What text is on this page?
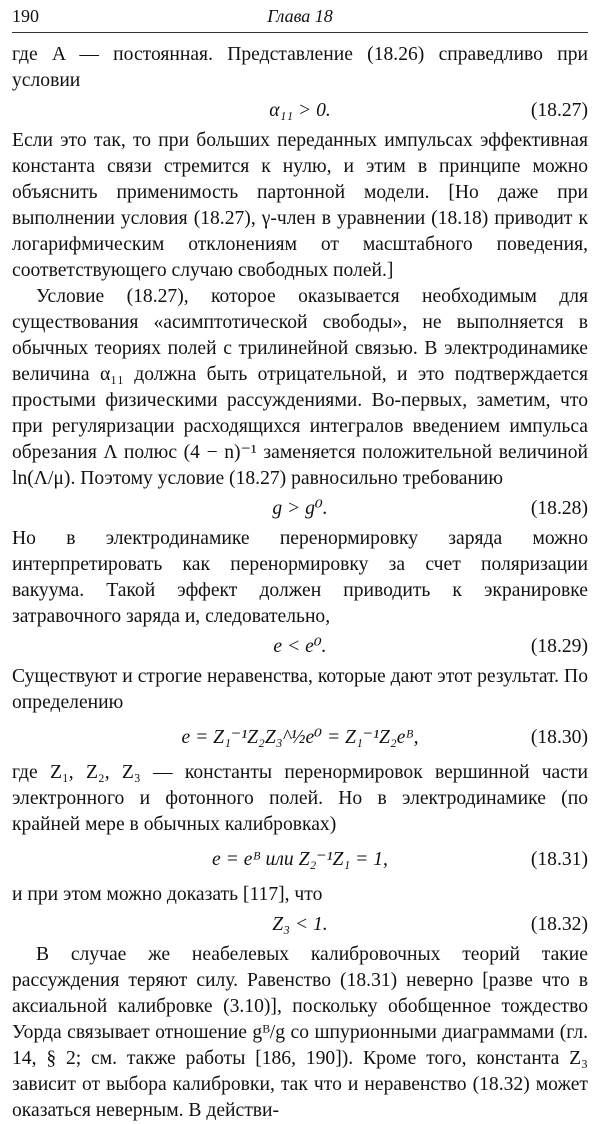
190	Глава 18

где A — постоянная. Представление (18.26) справедливо при условии

α₁₁ > 0.	(18.27)

Если это так, то при больших переданных импульсах эффективная константа связи стремится к нулю, и этим в принципе можно объяснить применимость партонной модели. [Но даже при выполнении условия (18.27), γ-член в уравнении (18.18) приводит к логарифмическим отклонениям от масштабного поведения, соответствующего случаю свободных полей.]

Условие (18.27), которое оказывается необходимым для существования «асимптотической свободы», не выполняется в обычных теориях полей с трилинейной связью. В электродинамике величина α₁₁ должна быть отрицательной, и это подтверждается простыми физическими рассуждениями. Во-первых, заметим, что при регуляризации расходящихся интегралов введением импульса обрезания Λ полюс (4 − n)⁻¹ заменяется положительной величиной ln(Λ/μ). Поэтому условие (18.27) равносильно требованию

g > g⁰.	(18.28)

Но в электродинамике перенормировку заряда можно интерпретировать как перенормировку за счет поляризации вакуума. Такой эффект должен приводить к экранировке затравочного заряда и, следовательно,

e < e⁰.	(18.29)

Существуют и строгие неравенства, которые дают этот результат. По определению

e = Z₁⁻¹Z₂Z₃^½e⁰ = Z₁⁻¹Z₂eᴮ,	(18.30)

где Z₁, Z₂, Z₃ — константы перенормировок вершинной части электронного и фотонного полей. Но в электродинамике (по крайней мере в обычных калибровках)

e = eᴮ или Z₂⁻¹Z₁ = 1,	(18.31)

и при этом можно доказать [117], что

Z₃ < 1.	(18.32)

В случае же неабелевых калибровочных теорий такие рассуждения теряют силу. Равенство (18.31) неверно [разве что в аксиальной калибровке (3.10)], поскольку обобщенное тождество Уорда связывает отношение gᴮ/g со шпурионными диаграммами (гл. 14, § 2; см. также работы [186, 190]). Кроме того, константа Z₃ зависит от выбора калибровки, так что и неравенство (18.32) может оказаться неверным. В действи-
